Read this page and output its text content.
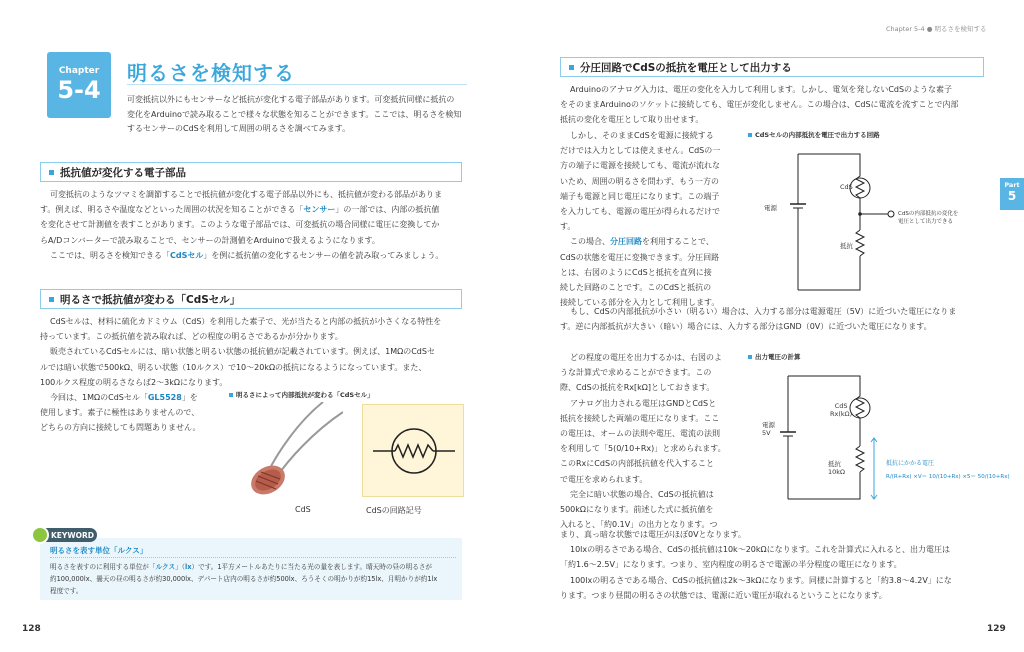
Chapter 5-4 ● 明るさを検知する
Chapter
5-4
明るさを検知する
可変抵抗以外にもセンサーなど抵抗が変化する電子部品があります。可変抵抗同様に抵抗の
変化をArduinoで読み取ることで様々な状態を知ることができます。ここでは、明るさを検知
するセンサーのCdSを利用して周囲の明るさを調べてみます。
抵抗値が変化する電子部品
可変抵抗のようなツマミを調節することで抵抗値が変化する電子部品以外にも、抵抗値が変わる部品がありま
す。例えば、明るさや温度などといった周囲の状況を知ることができる「センサー」の一部では、内部の抵抗値
を変化させて計測値を表すことがあります。このような電子部品では、可変抵抗の場合同様に電圧に変換してか
らA/Dコンバーターで読み取ることで、センサーの計測値をArduinoで扱えるようになります。
ここでは、明るさを検知できる「CdSセル」を例に抵抗値の変化するセンサーの値を読み取ってみましょう。
明るさで抵抗値が変わる「CdSセル」
CdSセルは、材料に硫化カドミウム（CdS）を利用した素子で、光が当たると内部の抵抗が小さくなる特性を
持っています。この抵抗値を読み取れば、どの程度の明るさであるかが分かります。
販売されているCdSセルには、暗い状態と明るい状態の抵抗値が記載されています。例えば、1MΩのCdSセ
ルでは暗い状態で500kΩ、明るい状態（10ルクス）で10～20kΩの抵抗になるようになっています。また、
100ルクス程度の明るさならば2～3kΩになります。
今回は、1MΩのCdSセル「GL5528」を
使用します。素子に極性はありませんので、
どちらの方向に接続しても問題ありません。
明るさによって内部抵抗が変わる「CdSセル」
CdS	CdSの回路記号
KEYWORD
明るさを表す単位「ルクス」
明るさを表すのに利用する単位が「ルクス」（lx）です。1平方メートルあたりに当たる光の量を表します。晴天時の昼の明るさが
約100,000lx、曇天の昼の明るさが約30,000lx、デパート店内の明るさが約500lx、ろうそくの明かりが約15lx、月明かりが約1lx
程度です。
128
分圧回路でCdSの抵抗を電圧として出力する
Arduinoのアナログ入力は、電圧の変化を入力して利用します。しかし、電気を発しないCdSのような素子
をそのままArduinoのソケットに接続しても、電圧が変化しません。この場合は、CdSに電流を流すことで内部
抵抗の変化を電圧として取り出せます。
しかし、そのままCdSを電源に接続する
だけでは入力としては使えません。CdSの一
方の端子に電源を接続しても、電流が流れな
いため、周囲の明るさを問わず、もう一方の
端子も電源と同じ電圧になります。この端子
を入力しても、電源の電圧が得られるだけで
す。
この場合、分圧回路を利用することで、
CdSの状態を電圧に変換できます。分圧回路
とは、右図のようにCdSと抵抗を直列に接
続した回路のことです。このCdSと抵抗の
接続している部分を入力として利用します。
もし、CdSの内部抵抗が小さい（明るい）場合は、入力する部分は電源電圧（5V）に近づいた電圧になりま
す。逆に内部抵抗が大きい（暗い）場合には、入力する部分はGND（0V）に近づいた電圧になります。
CdSセルの内部抵抗を電圧で出力する回路
CdS
電源
抵抗
CdSの内部抵抗の変化を
電圧として出力できる
どの程度の電圧を出力するかは、右図のよ
うな計算式で求めることができます。この
際、CdSの抵抗をRx[kΩ]としておきます。
アナログ出力される電圧はGNDとCdSと
抵抗を接続した両端の電圧になります。ここ
の電圧は、オームの法則や電圧、電流の法則
を利用して「5(0/10+Rx)」と求められます。
このRxにCdSの内部抵抗値を代入すること
で電圧を求められます。
完全に暗い状態の場合、CdSの抵抗値は
500kΩになります。前述した式に抵抗値を
入れると、「約0.1V」の出力となります。つ
まり、真っ暗な状態では電圧がほぼ0Vとなります。
10lxの明るさである場合、CdSの抵抗値は10k～20kΩになります。これを計算式に入れると、出力電圧は
「約1.6～2.5V」になります。つまり、室内程度の明るさで電源の半分程度の電圧になります。
100lxの明るさである場合、CdSの抵抗値は2k～3kΩになります。同様に計算すると「約3.8～4.2V」にな
ります。つまり昼間の明るさの状態では、電源に近い電圧が取れるということになります。
出力電圧の計算
CdS
Rx(kΩ)
電源
5V
抵抗
10kΩ
抵抗にかかる電圧
R/(R+Rx) ×V＝ 10/(10+Rx) ×5＝ 50/(10+Rx)
Part
5
129
